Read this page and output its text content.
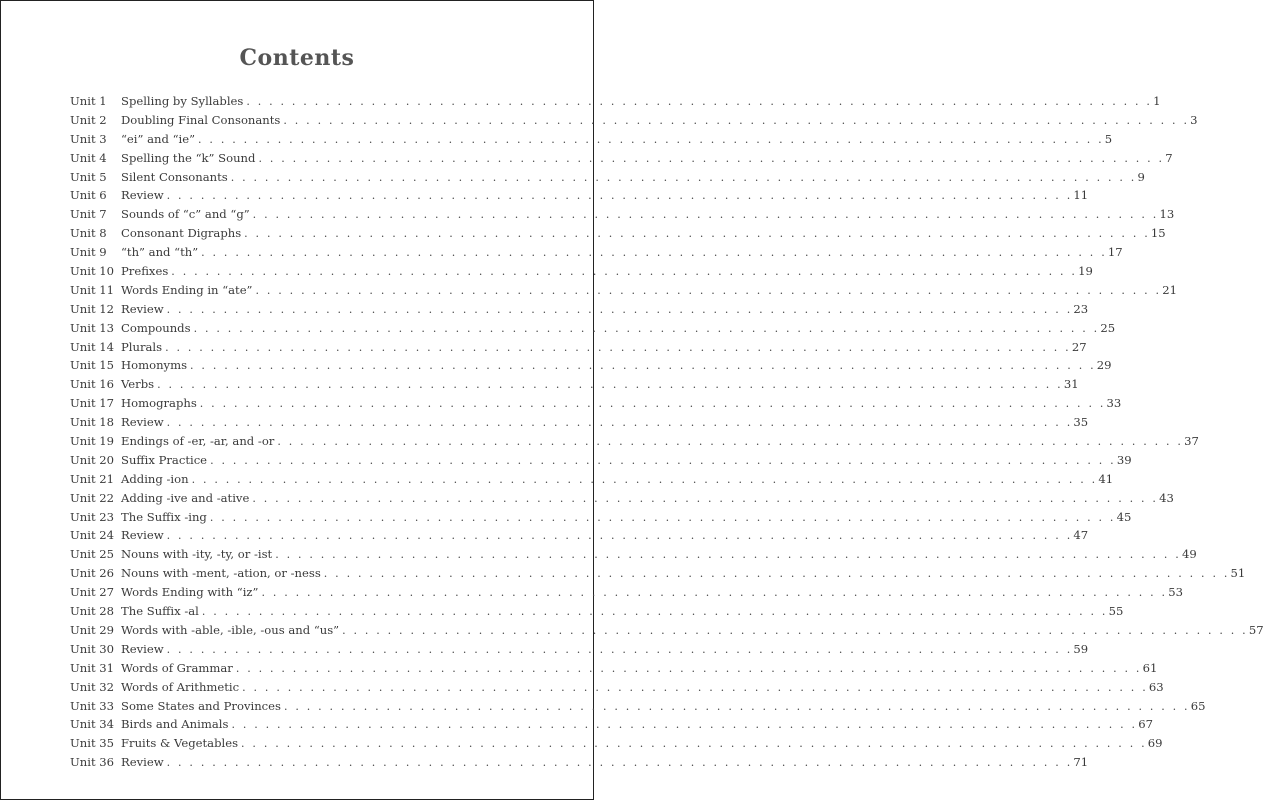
Contents
Unit 1	Spelling by Syllables . . . . . . . . . . . . . . . . . . . . . . . . . . . . . . . . . . . . . . . . . . . . . . . . . . . . . . . . . . . . . . . . . . . . . . . . . . . . . . . . 1
Unit 2	Doubling Final Consonants . . . . . . . . . . . . . . . . . . . . . . . . . . . . . . . . . . . . . . . . . . . . . . . . . . . . . . . . . . . . . . . . . . . . . . . . . . . . . . . . 3
Unit 3	“ei” and “ie” . . . . . . . . . . . . . . . . . . . . . . . . . . . . . . . . . . . . . . . . . . . . . . . . . . . . . . . . . . . . . . . . . . . . . . . . . . . . . . . . 5
Unit 4	Spelling the “k” Sound . . . . . . . . . . . . . . . . . . . . . . . . . . . . . . . . . . . . . . . . . . . . . . . . . . . . . . . . . . . . . . . . . . . . . . . . . . . . . . . . 7
Unit 5	Silent Consonants . . . . . . . . . . . . . . . . . . . . . . . . . . . . . . . . . . . . . . . . . . . . . . . . . . . . . . . . . . . . . . . . . . . . . . . . . . . . . . . . 9
Unit 6	Review . . . . . . . . . . . . . . . . . . . . . . . . . . . . . . . . . . . . . . . . . . . . . . . . . . . . . . . . . . . . . . . . . . . . . . . . . . . . . . . . 11
Unit 7	Sounds of “c” and “g” . . . . . . . . . . . . . . . . . . . . . . . . . . . . . . . . . . . . . . . . . . . . . . . . . . . . . . . . . . . . . . . . . . . . . . . . . . . . . . . . 13
Unit 8	Consonant Digraphs . . . . . . . . . . . . . . . . . . . . . . . . . . . . . . . . . . . . . . . . . . . . . . . . . . . . . . . . . . . . . . . . . . . . . . . . . . . . . . . . 15
Unit 9	“th” and “th” . . . . . . . . . . . . . . . . . . . . . . . . . . . . . . . . . . . . . . . . . . . . . . . . . . . . . . . . . . . . . . . . . . . . . . . . . . . . . . . . 17
Unit 10 Prefixes . . . . . . . . . . . . . . . . . . . . . . . . . . . . . . . . . . . . . . . . . . . . . . . . . . . . . . . . . . . . . . . . . . . . . . . . . . . . . . . . 19
Unit 11 Words Ending in “ate” . . . . . . . . . . . . . . . . . . . . . . . . . . . . . . . . . . . . . . . . . . . . . . . . . . . . . . . . . . . . . . . . . . . . . . . . . . . . . . . . 21
Unit 12 Review . . . . . . . . . . . . . . . . . . . . . . . . . . . . . . . . . . . . . . . . . . . . . . . . . . . . . . . . . . . . . . . . . . . . . . . . . . . . . . . . 23
Unit 13 Compounds . . . . . . . . . . . . . . . . . . . . . . . . . . . . . . . . . . . . . . . . . . . . . . . . . . . . . . . . . . . . . . . . . . . . . . . . . . . . . . . . 25
Unit 14 Plurals . . . . . . . . . . . . . . . . . . . . . . . . . . . . . . . . . . . . . . . . . . . . . . . . . . . . . . . . . . . . . . . . . . . . . . . . . . . . . . . . 27
Unit 15 Homonyms . . . . . . . . . . . . . . . . . . . . . . . . . . . . . . . . . . . . . . . . . . . . . . . . . . . . . . . . . . . . . . . . . . . . . . . . . . . . . . . . 29
Unit 16 Verbs . . . . . . . . . . . . . . . . . . . . . . . . . . . . . . . . . . . . . . . . . . . . . . . . . . . . . . . . . . . . . . . . . . . . . . . . . . . . . . . . 31
Unit 17 Homographs . . . . . . . . . . . . . . . . . . . . . . . . . . . . . . . . . . . . . . . . . . . . . . . . . . . . . . . . . . . . . . . . . . . . . . . . . . . . . . . . 33
Unit 18 Review . . . . . . . . . . . . . . . . . . . . . . . . . . . . . . . . . . . . . . . . . . . . . . . . . . . . . . . . . . . . . . . . . . . . . . . . . . . . . . . . 35
Unit 19 Endings of -er, -ar, and -or . . . . . . . . . . . . . . . . . . . . . . . . . . . . . . . . . . . . . . . . . . . . . . . . . . . . . . . . . . . . . . . . . . . . . . . . . . . . . . . . 37
Unit 20 Suffix Practice . . . . . . . . . . . . . . . . . . . . . . . . . . . . . . . . . . . . . . . . . . . . . . . . . . . . . . . . . . . . . . . . . . . . . . . . . . . . . . . . 39
Unit 21 Adding -ion . . . . . . . . . . . . . . . . . . . . . . . . . . . . . . . . . . . . . . . . . . . . . . . . . . . . . . . . . . . . . . . . . . . . . . . . . . . . . . . . 41
Unit 22 Adding -ive and -ative . . . . . . . . . . . . . . . . . . . . . . . . . . . . . . . . . . . . . . . . . . . . . . . . . . . . . . . . . . . . . . . . . . . . . . . . . . . . . . . . 43
Unit 23 The Suffix -ing . . . . . . . . . . . . . . . . . . . . . . . . . . . . . . . . . . . . . . . . . . . . . . . . . . . . . . . . . . . . . . . . . . . . . . . . . . . . . . . . 45
Unit 24 Review . . . . . . . . . . . . . . . . . . . . . . . . . . . . . . . . . . . . . . . . . . . . . . . . . . . . . . . . . . . . . . . . . . . . . . . . . . . . . . . . 47
Unit 25 Nouns with -ity, -ty, or -ist . . . . . . . . . . . . . . . . . . . . . . . . . . . . . . . . . . . . . . . . . . . . . . . . . . . . . . . . . . . . . . . . . . . . . . . . . . . . . . . . 49
Unit 26 Nouns with -ment, -ation, or -ness . . . . . . . . . . . . . . . . . . . . . . . . . . . . . . . . . . . . . . . . . . . . . . . . . . . . . . . . . . . . . . . . . . . . . . . . . . . . . . . . 51
Unit 27 Words Ending with “iz” . . . . . . . . . . . . . . . . . . . . . . . . . . . . . . . . . . . . . . . . . . . . . . . . . . . . . . . . . . . . . . . . . . . . . . . . . . . . . . . . 53
Unit 28 The Suffix -al . . . . . . . . . . . . . . . . . . . . . . . . . . . . . . . . . . . . . . . . . . . . . . . . . . . . . . . . . . . . . . . . . . . . . . . . . . . . . . . . 55
Unit 29 Words with -able, -ible, -ous and “us” . . . . . . . . . . . . . . . . . . . . . . . . . . . . . . . . . . . . . . . . . . . . . . . . . . . . . . . . . . . . . . . . . . . . . . . . . . . . . . . . 57
Unit 30 Review . . . . . . . . . . . . . . . . . . . . . . . . . . . . . . . . . . . . . . . . . . . . . . . . . . . . . . . . . . . . . . . . . . . . . . . . . . . . . . . . 59
Unit 31 Words of Grammar . . . . . . . . . . . . . . . . . . . . . . . . . . . . . . . . . . . . . . . . . . . . . . . . . . . . . . . . . . . . . . . . . . . . . . . . . . . . . . . . 61
Unit 32 Words of Arithmetic . . . . . . . . . . . . . . . . . . . . . . . . . . . . . . . . . . . . . . . . . . . . . . . . . . . . . . . . . . . . . . . . . . . . . . . . . . . . . . . . 63
Unit 33 Some States and Provinces . . . . . . . . . . . . . . . . . . . . . . . . . . . . . . . . . . . . . . . . . . . . . . . . . . . . . . . . . . . . . . . . . . . . . . . . . . . . . . . . 65
Unit 34 Birds and Animals . . . . . . . . . . . . . . . . . . . . . . . . . . . . . . . . . . . . . . . . . . . . . . . . . . . . . . . . . . . . . . . . . . . . . . . . . . . . . . . . 67
Unit 35 Fruits & Vegetables . . . . . . . . . . . . . . . . . . . . . . . . . . . . . . . . . . . . . . . . . . . . . . . . . . . . . . . . . . . . . . . . . . . . . . . . . . . . . . . . 69
Unit 36 Review . . . . . . . . . . . . . . . . . . . . . . . . . . . . . . . . . . . . . . . . . . . . . . . . . . . . . . . . . . . . . . . . . . . . . . . . . . . . . . . . 71
